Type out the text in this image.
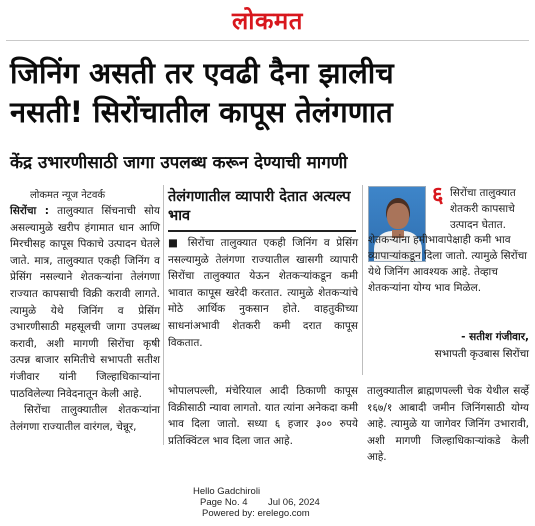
लोकमत
जिनिंग असती तर एवढी दैना झालीच
नसती! सिरोंचातील कापूस तेलंगणात
केंद्र उभारणीसाठी जागा उपलब्ध करून देण्याची मागणी
लोकमत न्यूज नेटवर्क

सिरोंचा : तालुक्यात सिंचनाची सोय असल्यामुळे खरीप हंगामात धान आणि मिरचीसह कापूस पिकाचे उत्पादन घेतले जाते. मात्र, तालुक्यात एकही जिनिंग व प्रेसिंग नसल्याने शेतकऱ्यांना तेलंगणा राज्यात कापसाची विक्री करावी लागते. त्यामुळे येथे जिनिंग व प्रेसिंग उभारणीसाठी महसूलची जागा उपलब्ध करावी, अशी मागणी सिरोंचा कृषी उत्पन्न बाजार समितीचे सभापती सतीश गंजीवार यांनी जिल्हाधिकाऱ्यांना पाठविलेल्या निवेदनातून केली आहे.

सिरोंचा तालुक्यातील शेतकऱ्यांना तेलंगणा राज्यातील वारंगल, चेन्नूर,

तेलंगणातील व्यापारी देतात अत्यल्प भाव
■ सिरोंचा तालुक्यात एकही जिनिंग व प्रेसिंग नसल्यामुळे तेलंगणा राज्यातील खासगी व्यापारी सिरोंचा तालुक्यात येऊन शेतकऱ्यांकडून कमी भावात कापूस खरेदी करतात. त्यामुळे शेतकऱ्यांचे मोठे आर्थिक नुकसान होते. वाहतुकीच्या साधनांअभावी शेतकरी कमी दरात कापूस विकतात.
६ सिरोंचा तालुक्यात शेतकरी कापसाचे उत्पादन घेतात.
शेतकऱ्यांना हमीभावापेक्षाही कमी भाव व्यापाऱ्यांकडून दिला जातो. त्यामुळे सिरोंचा येथे जिनिंग आवश्यक आहे. तेव्हाच शेतकऱ्यांना योग्य भाव मिळेल.
- सतीश गंजीवार,
सभापती कृउबास सिरोंचा
भोपालपल्ली, मंचेरियाल आदी ठिकाणी कापूस विक्रीसाठी न्यावा लागतो. यात त्यांना अनेकदा कमी भाव दिला जातो. सध्या ६ हजार ३०० रुपये प्रतिक्विंटल भाव दिला जात आहे.
तालुक्यातील ब्राह्मणपल्ली चेक येथील सर्व्हे १६७/१ आबादी जमीन जिनिंगसाठी योग्य आहे. त्यामुळे या जागेवर जिनिंग उभारावी, अशी मागणी जिल्हाधिकाऱ्यांकडे केली आहे.
Hello Gadchiroli
Page No. 4 Jul 06, 2024
Powered by: erelego.com
